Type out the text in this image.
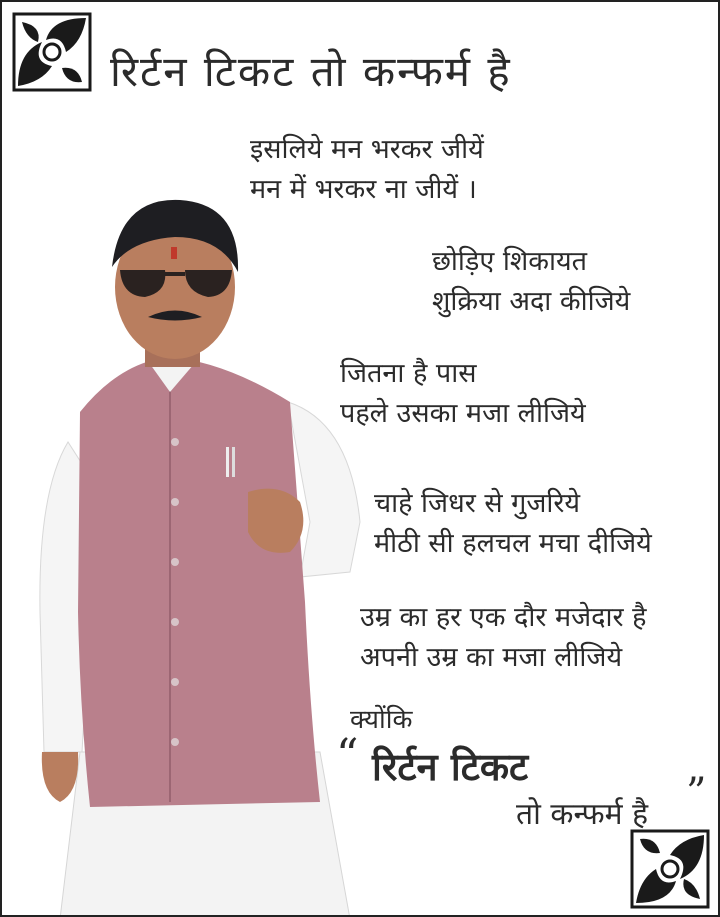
रिर्टन टिकट तो कन्फर्म है
इसलिये मन भरकर जीयें
मन में भरकर ना जीयें ।
छोड़िए शिकायत
शुक्रिया अदा कीजिये
जितना है पास
पहले उसका मजा लीजिये
चाहे जिधर से गुजरिये
मीठी सी हलचल मचा दीजिये
उम्र का हर एक दौर मजेदार है
अपनी उम्र का मजा लीजिये
क्योंकि
“ रिर्टन टिकट
तो कन्फर्म है ”
